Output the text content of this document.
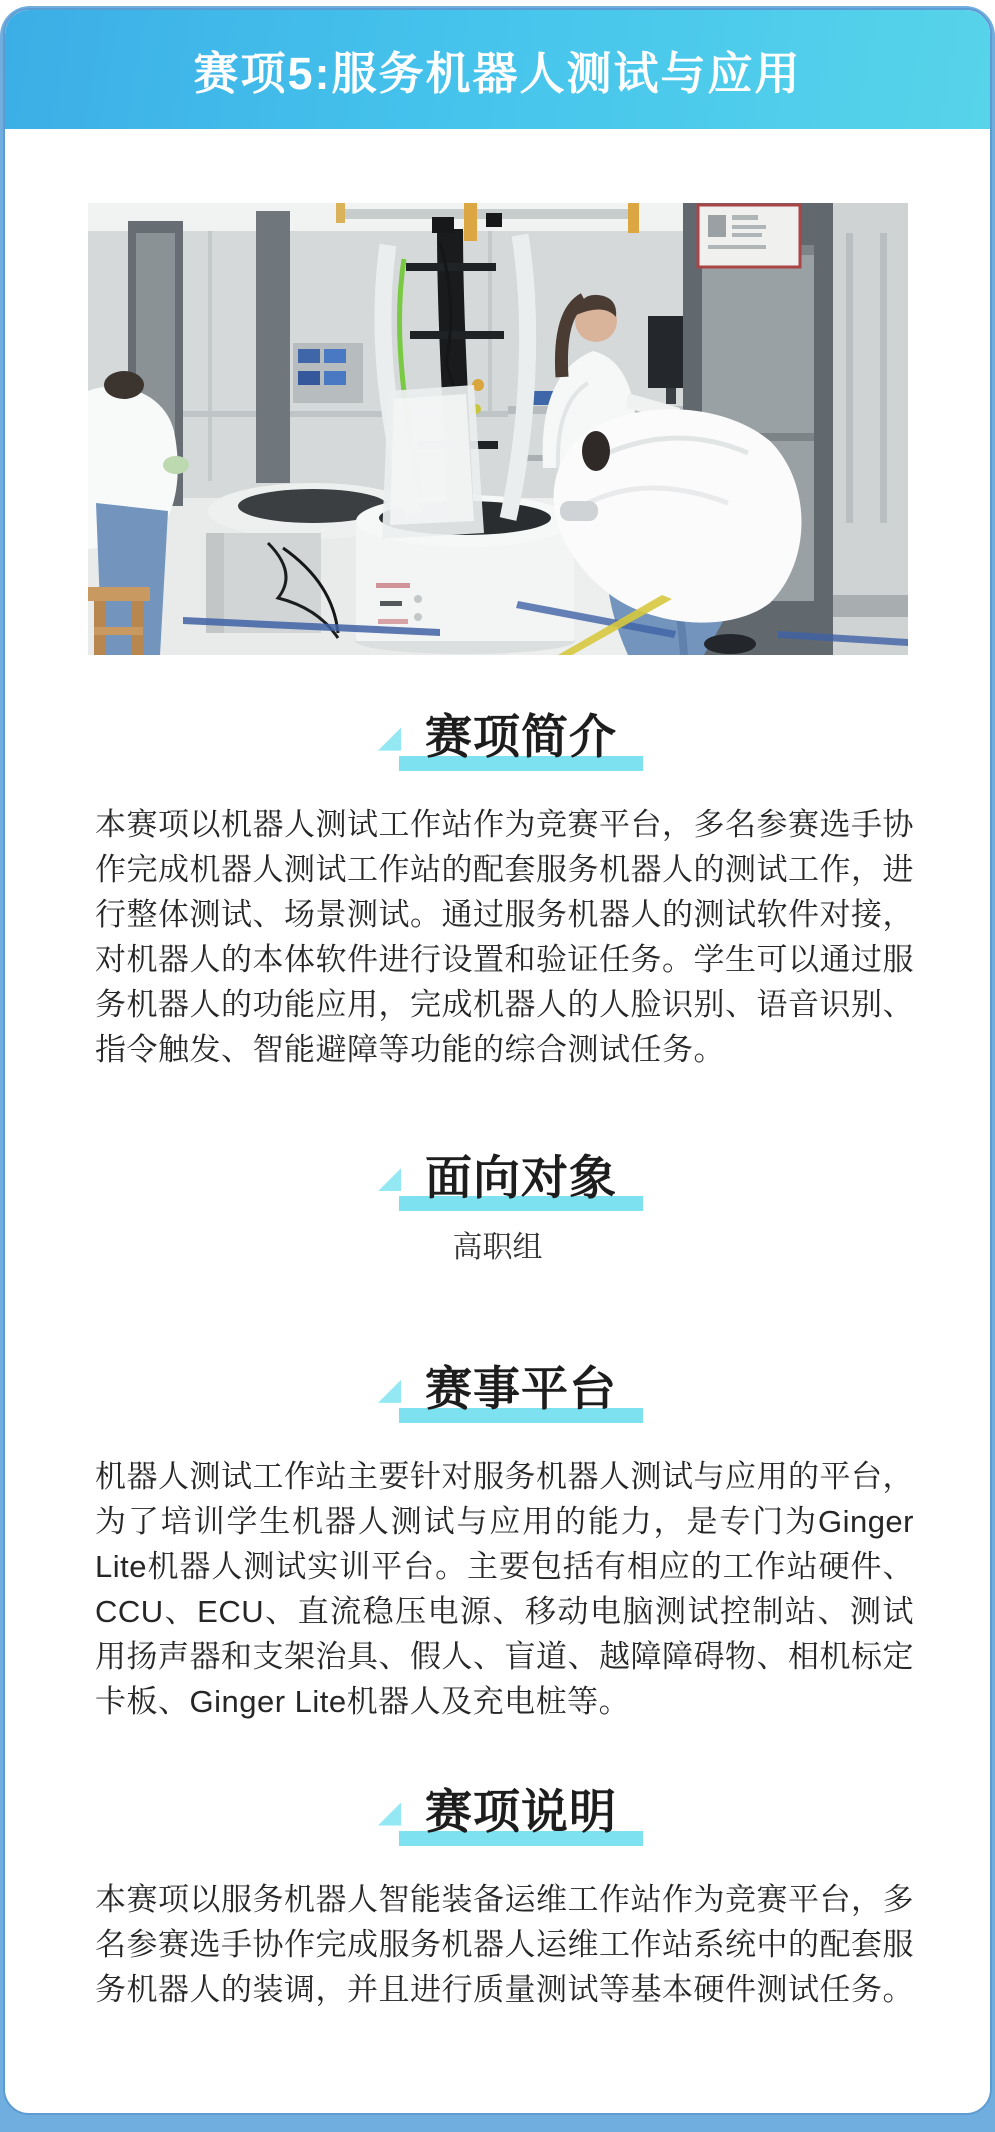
赛项5:服务机器人测试与应用
赛项简介

本赛项以机器人测试工作站作为竞赛平台，多名参赛选手协作完成机器人测试工作站的配套服务机器人的测试工作，进行整体测试、场景测试。通过服务机器人的测试软件对接，对机器人的本体软件进行设置和验证任务。学生可以通过服务机器人的功能应用，完成机器人的人脸识别、语音识别、指令触发、智能避障等功能的综合测试任务。

面向对象

高职组

赛事平台

机器人测试工作站主要针对服务机器人测试与应用的平台，为了培训学生机器人测试与应用的能力，是专门为Ginger Lite机器人测试实训平台。主要包括有相应的工作站硬件、CCU、ECU、直流稳压电源、移动电脑测试控制站、测试用扬声器和支架治具、假人、盲道、越障障碍物、相机标定卡板、Ginger Lite机器人及充电桩等。

赛项说明

本赛项以服务机器人智能装备运维工作站作为竞赛平台，多名参赛选手协作完成服务机器人运维工作站系统中的配套服务机器人的装调，并且进行质量测试等基本硬件测试任务。
